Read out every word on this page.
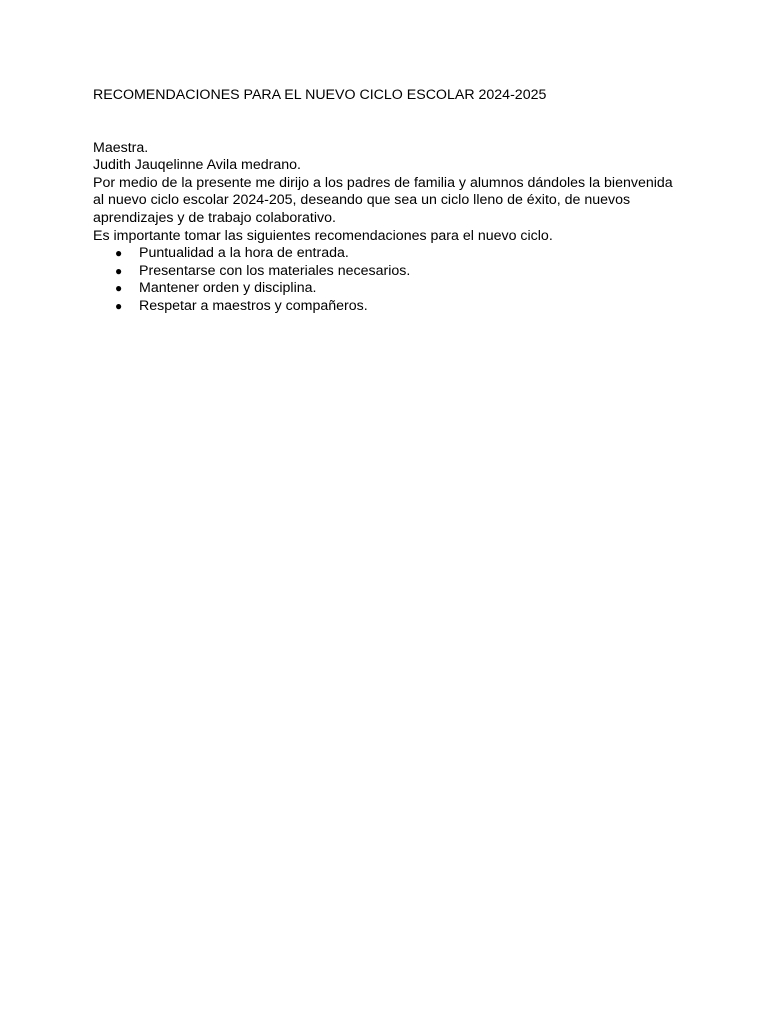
RECOMENDACIONES PARA EL NUEVO CICLO ESCOLAR 2024-2025

Maestra.

Judith Jauqelinne Avila medrano.

Por medio de la presente me dirijo a los padres de familia y alumnos dándoles la bienvenida al nuevo ciclo escolar 2024-205, deseando que sea un ciclo lleno de éxito, de nuevos aprendizajes y de trabajo colaborativo.

Es importante tomar las siguientes recomendaciones para el nuevo ciclo.

● Puntualidad a la hora de entrada.
● Presentarse con los materiales necesarios.
● Mantener orden y disciplina.
● Respetar a maestros y compañeros.
